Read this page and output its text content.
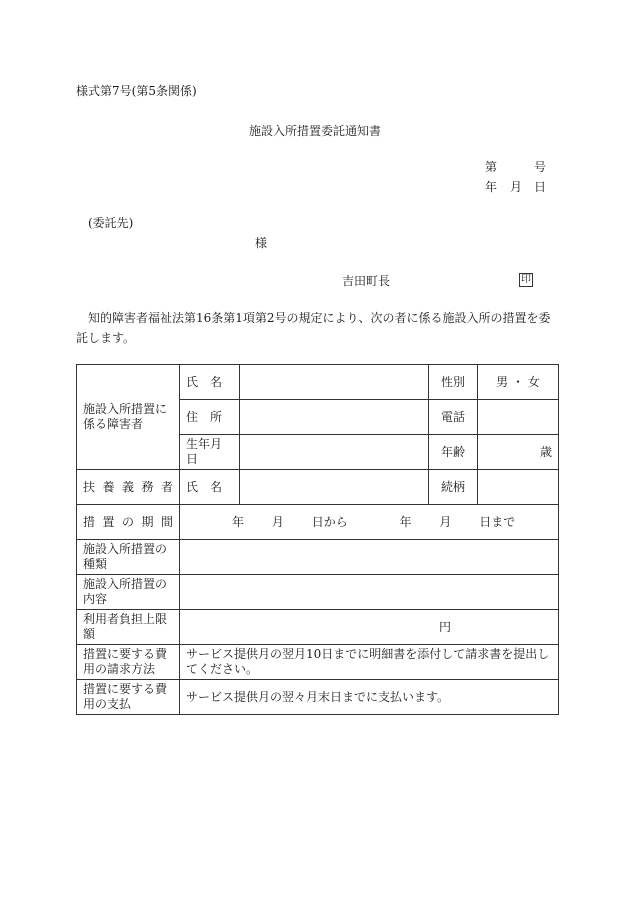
様式第7号(第5条関係)
施設入所措置委託通知書
第	号
年 月 日
(委託先)
様
吉田町長	印
知的障害者福祉法第16条第1項第2号の規定により、次の者に係る施設入所の措置を委託します。
施設入所措置に係る障害者	氏　名		性別	男 ・ 女
	住　所		電話	
	生年月日		年齢	歳
扶養義務者	氏　名		続柄	
措置の期間	年 月 日から 年 月 日まで			
施設入所措置の種類				
施設入所措置の内容				
利用者負担上限額	円			
措置に要する費用の請求方法	サービス提供月の翌月10日までに明細書を添付して請求書を提出してください。			
措置に要する費用の支払	サービス提供月の翌々月末日までに支払います。			
